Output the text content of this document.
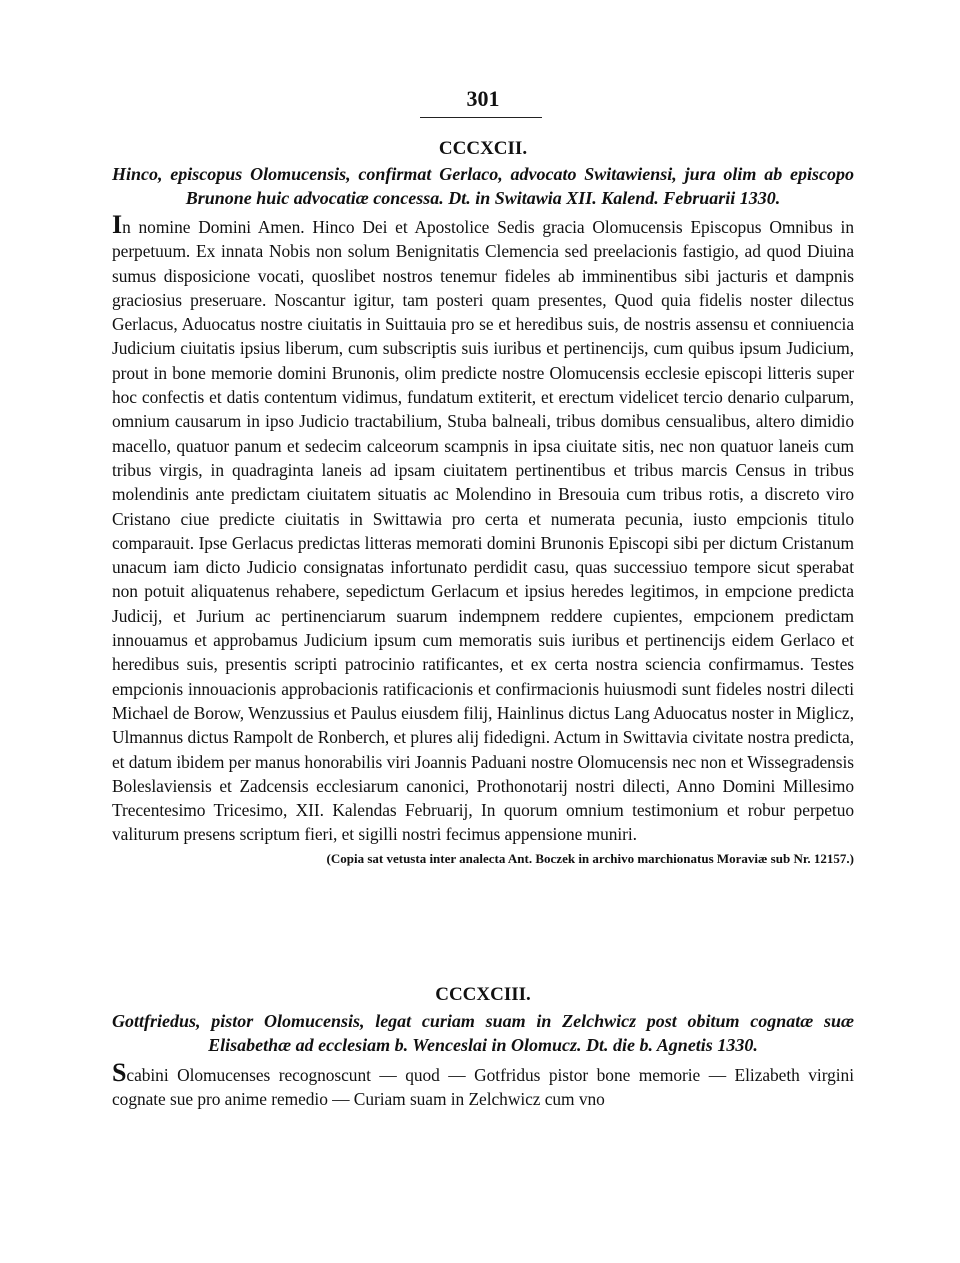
301
CCCXCII.

Hinco, episcopus Olomucensis, confirmat Gerlaco, advocato Switawiensi, jura olim ab episcopo Brunone huic advocatiæ concessa. Dt. in Switawia XII. Kalend. Februarii 1330.

In nomine Domini Amen. Hinco Dei et Apostolice Sedis gracia Olomucensis Episcopus Omnibus in perpetuum. Ex innata Nobis non solum Benignitatis Clemencia sed preelacionis fastigio, ad quod Diuina sumus disposicione vocati, quoslibet nostros tenemur fideles ab imminentibus sibi jacturis et dampnis graciosius preseruare. Noscantur igitur, tam posteri quam presentes, Quod quia fidelis noster dilectus Gerlacus, Aduocatus nostre ciuitatis in Suittauia pro se et heredibus suis, de nostris assensu et conniuencia Judicium ciuitatis ipsius liberum, cum subscriptis suis iuribus et pertinencijs, cum quibus ipsum Judicium, prout in bone memorie domini Brunonis, olim predicte nostre Olomucensis ecclesie episcopi litteris super hoc confectis et datis contentum vidimus, fundatum extiterit, et erectum videlicet tercio denario culparum, omnium causarum in ipso Judicio tractabilium, Stuba balneali, tribus domibus censualibus, altero dimidio macello, quatuor panum et sedecim calceorum scampnis in ipsa ciuitate sitis, nec non quatuor laneis cum tribus virgis, in quadraginta laneis ad ipsam ciuitatem pertinentibus et tribus marcis Census in tribus molendinis ante predictam ciuitatem situatis ac Molendino in Bresouia cum tribus rotis, a discreto viro Cristano ciue predicte ciuitatis in Swittawia pro certa et numerata pecunia, iusto empcionis titulo comparauit. Ipse Gerlacus predictas litteras memorati domini Brunonis Episcopi sibi per dictum Cristanum unacum iam dicto Judicio consignatas infortunato perdidit casu, quas successiuo tempore sicut sperabat non potuit aliquatenus rehabere, sepedictum Gerlacum et ipsius heredes legitimos, in empcione predicta Judicij, et Jurium ac pertinenciarum suarum indempnem reddere cupientes, empcionem predictam innouamus et approbamus Judicium ipsum cum memoratis suis iuribus et pertinencijs eidem Gerlaco et heredibus suis, presentis scripti patrocinio ratificantes, et ex certa nostra sciencia confirmamus. Testes empcionis innouacionis approbacionis ratificacionis et confirmacionis huiusmodi sunt fideles nostri dilecti Michael de Borow, Wenzussius et Paulus eiusdem filij, Hainlinus dictus Lang Aduocatus noster in Miglicz, Ulmannus dictus Rampolt de Ronberch, et plures alij fidedigni. Actum in Swittavia civitate nostra predicta, et datum ibidem per manus honorabilis viri Joannis Paduani nostre Olomucensis nec non et Wissegradensis Boleslaviensis et Zadcensis ecclesiarum canonici, Prothonotarij nostri dilecti, Anno Domini Millesimo Trecentesimo Tricesimo, XII. Kalendas Februarij, In quorum omnium testimonium et robur perpetuo valiturum presens scriptum fieri, et sigilli nostri fecimus appensione muniri.

(Copia sat vetusta inter analecta Ant. Boczek in archivo marchionatus Moraviæ sub Nr. 12157.)

CCCXCIII.

Gottfriedus, pistor Olomucensis, legat curiam suam in Zelchwicz post obitum cognatæ suæ Elisabethæ ad ecclesiam b. Wenceslai in Olomucz. Dt. die b. Agnetis 1330.

Scabini Olomucenses recognoscunt — quod — Gotfridus pistor bone memorie — Elizabeth virgini cognate sue pro anime remedio — Curiam suam in Zelchwicz cum vno
